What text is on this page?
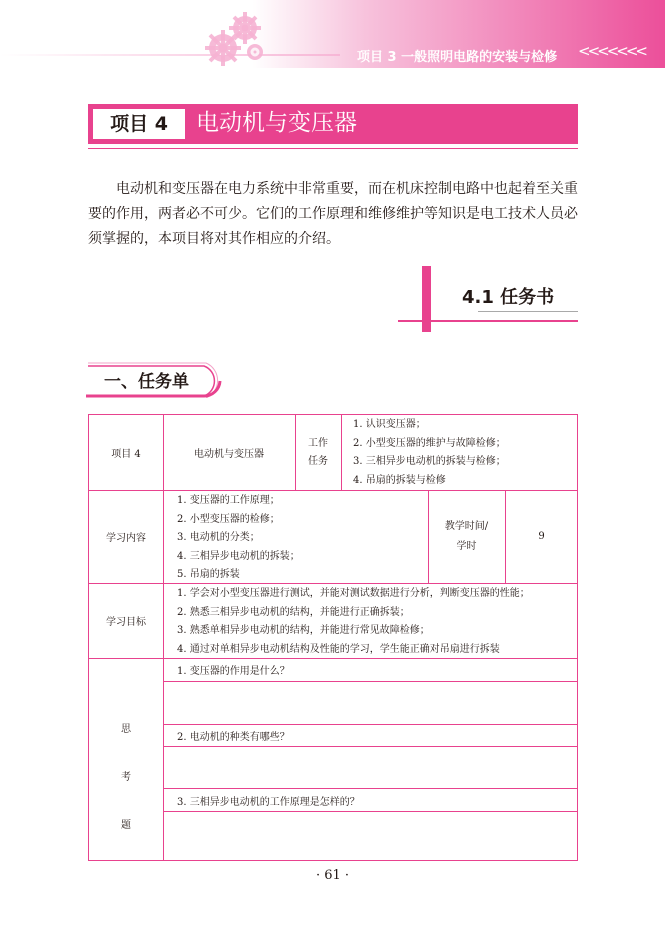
项目 3 一般照明电路的安装与检修 <<<<<<<
项目 4	电动机与变压器

电动机和变压器在电力系统中非常重要，而在机床控制电路中也起着至关重要的作用，两者必不可少。它们的工作原理和维修维护等知识是电工技术人员必须掌握的，本项目将对其作相应的介绍。

4.1 任务书
一、任务单
项目 4	电动机与变压器
工作
任务
1. 认识变压器；
2. 小型变压器的维护与故障检修；
3. 三相异步电动机的拆装与检修；
4. 吊扇的拆装与检修
学习内容
1. 变压器的工作原理；
2. 小型变压器的检修；
3. 电动机的分类；
4. 三相异步电动机的拆装；
5. 吊扇的拆装
教学时间/
学时
9
学习目标
1. 学会对小型变压器进行测试，并能对测试数据进行分析，判断变压器的性能；
2. 熟悉三相异步电动机的结构，并能进行正确拆装；
3. 熟悉单相异步电动机的结构，并能进行常见故障检修；
4. 通过对单相异步电动机结构及性能的学习，学生能正确对吊扇进行拆装
思
考
题
1. 变压器的作用是什么？
2. 电动机的种类有哪些？
3. 三相异步电动机的工作原理是怎样的？
· 61 ·
